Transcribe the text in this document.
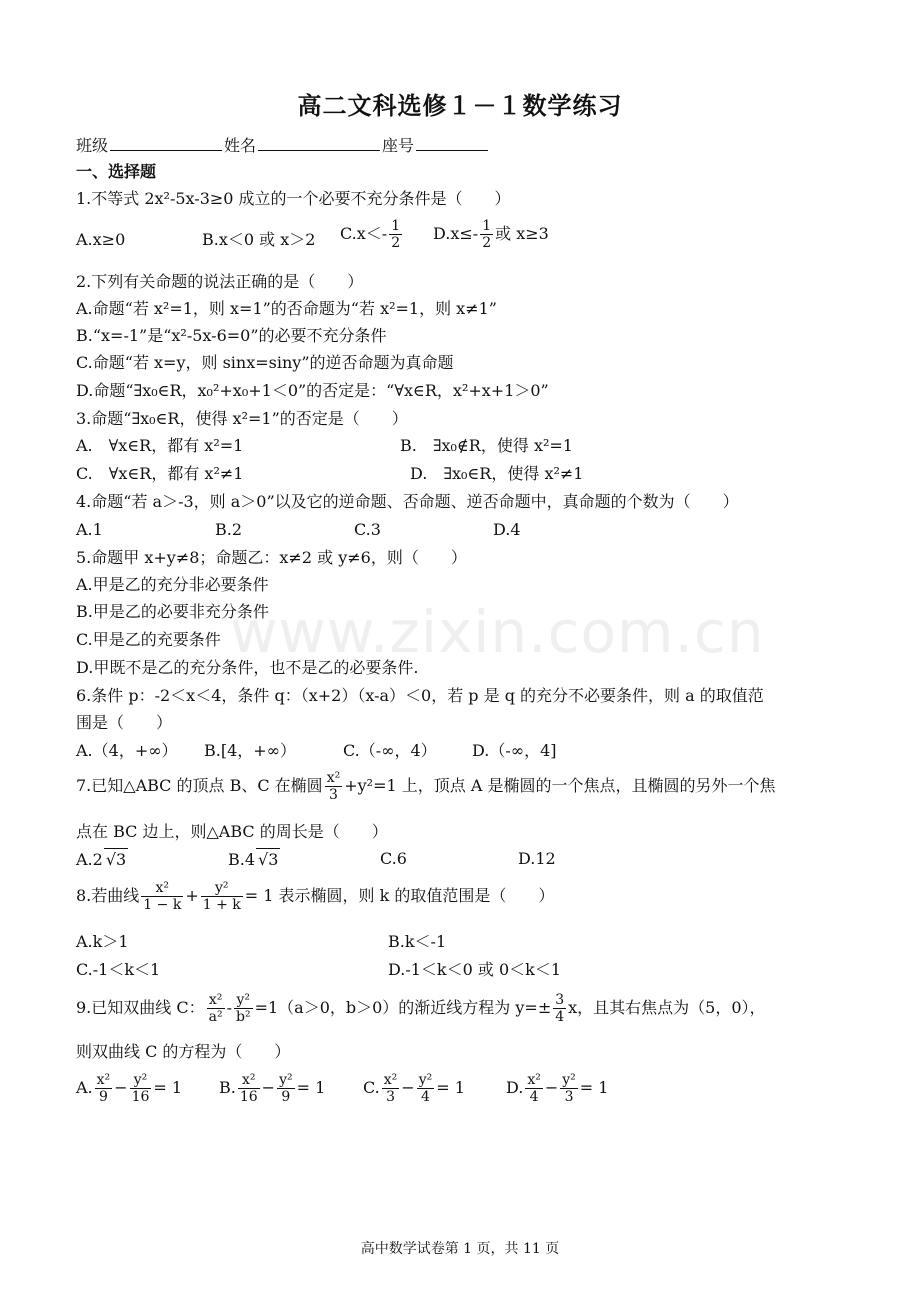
www.zixin.com.cn
高二文科选修１－１数学练习
班级	姓名	座号
一、选择题
1.不等式 2x²-5x-3≥0 成立的一个必要不充分条件是（　　）
A.x≥0	B.x＜0 或 x＞2 $C.x<- \frac{1}{2} D.x\le- \frac{1}{2}$ 或 x≥3
2.下列有关命题的说法正确的是（　　）
A.命题“若 x²=1，则 x=1”的否命题为“若 x²=1，则 x≠1”
B.“x=-1”是“x²-5x-6=0”的必要不充分条件
C.命题“若 x=y，则 sinx=siny”的逆否命题为真命题
D.命题“∃x₀∈R，x₀²+x₀+1＜0”的否定是：“∀x∈R，x²+x+1＞0”
3.命题“∃x₀∈R，使得 x²=1”的否定是（　　）
A.　∀x∈R，都有 x²=1	B.　∃x₀∉R，使得 x²=1
C.　∀x∈R，都有 x²≠1	D.　∃x₀∈R，使得 x²≠1
4.命题“若 a＞-3，则 a＞0”以及它的逆命题、否命题、逆否命题中，真命题的个数为（　　）
A.1	B.2	C.3	D.4
5.命题甲 x+y≠8；命题乙：x≠2 或 y≠6，则（　　）
A.甲是乙的充分非必要条件
B.甲是乙的必要非充分条件
C.甲是乙的充要条件
D.甲既不是乙的充分条件，也不是乙的必要条件.
6.条件 p：-2＜x＜4，条件 q：（x+2）（x-a）＜0，若 p 是 q 的充分不必要条件，则 a 的取值范
围是（　　）
A.（4，+∞） B.[4，+∞）	C.（-∞，4） D.（-∞，4]
7.已知△ABC 的顶点 B、C 在椭圆 $\frac{\text{x²}}{3} +y^2=1$ 上，顶点 A 是椭圆的一个焦点，且椭圆的另外一个焦
点在 BC 边上，则△ABC 的周长是（　　）
A.2 √3	B.4 √3	C.6	D.12
8.若曲线 $\frac{\text{x²}}{1 - k} + \frac{\text{y²}}{1 + k} = 1$ 表示椭圆，则 k 的取值范围是（　　）
A.k＞1	B.k＜-1
C.-1＜k＜1	D.-1＜k＜0 或 0＜k＜1
9.已知双曲线 C： $\frac{\text{x²}}{\text{a²}} - \frac{\text{y²}}{\text{b²}} =1(a>0$，b＞0）的渐近线方程为 $y=\pm \frac{3}{4}$ x，且其右焦点为（5，0），
则双曲线 C 的方程为（　　）
A. $\frac{\text{x²}}{9} - \frac{\text{y²}}{16} = 1$ B. $\frac{\text{x²}}{16} - \frac{\text{y²}}{9} = 1$ C. $\frac{\text{x²}}{3} - \frac{\text{y²}}{4} = 1$	D. $\frac{\text{x²}}{4} - \frac{\text{y²}}{3} = 1$
高中数学试卷第 1 页，共 11 页
